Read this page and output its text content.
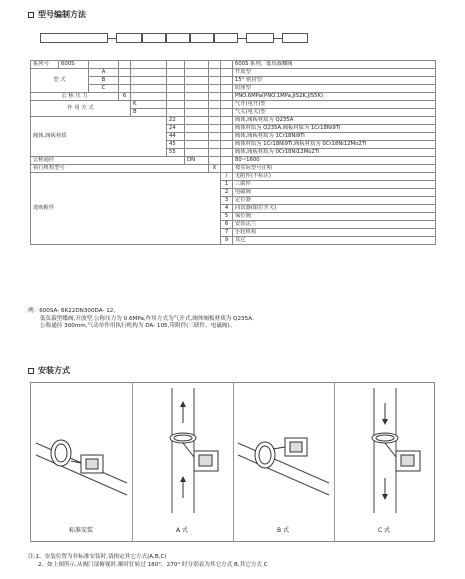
型号编制方法
系列号	600S								600S 系列，低负载蝶阀
型 式		A							开放型
		B							15° 密封型
		C							防座型
公 称 压 力			6						PNO.6MPa(PNO.1MPa,JIS2K,JIS5K)
作 用 方 式				K					气开(电开)型
				B					气关(电关)型
阀体,阀板材质					22				阀体,阀板材质为 Q235A
					24				阀体材质为 Q235A,阀板材质为 1Cr18Ni9Ti
					44				阀体,阀板材质为 1Cr18Ni9Ti
					45				阀体材质为 1Cr18Ni9Ti,阀板材质为 0Cr18Ni12Mo2Ti
					55				阀体,阀板材质为 0Cr18Ni12Mo2Ti
公称通径						DN			80~1600
执行机构型号							X		按实际型号注明
选购附件								/	无附件(不标注)
								1	三联件
								2	电磁阀
								3	定位器
								4	回讯器(限位开关)
								5	保位阀
								6	安装法兰
								7	手轮机构
								9	其它
例：600SA- 6K22DN300DA- 12，
低负载型蝶阀,开放型,公称压力为 0.6MPa,作用方式为气开式,阀体阀板材质为 Q235A,
公称通径 300mm,气动单作用执行机构为 DA- 105,带附件(三联件、电磁阀)。
安装方式
标准安装	A 式	B 式	C 式
注:1、安装位置为非标准安装时,请指定其它方式(A,B,C)
2、如上图所示,从阀门部俯视时,顺时针转过 180°、270° 时分别表为其它方式 B,其它方式 C
